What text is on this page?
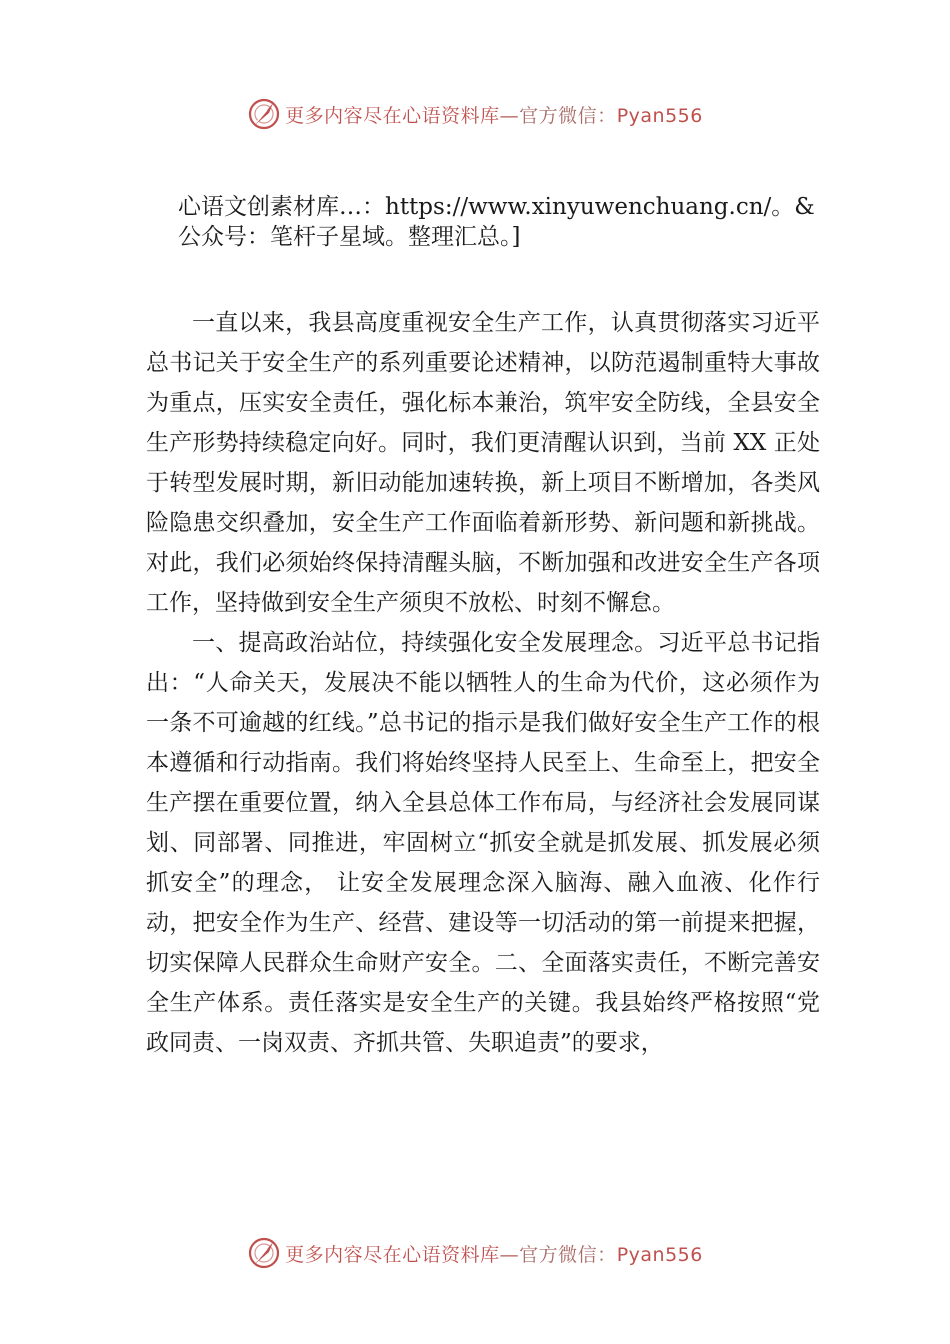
更多内容尽在心语资料库—官方微信：Pyan556
心语文创素材库…：https://www.xinyuwenchuang.cn/。&
公众号：笔杆子星域。整理汇总。]

一直以来，我县高度重视安全生产工作，认真贯彻落实习近平总书记关于安全生产的系列重要论述精神，以防范遏制重特大事故为重点，压实安全责任，强化标本兼治，筑牢安全防线，全县安全生产形势持续稳定向好。同时，我们更清醒认识到，当前 XX 正处于转型发展时期，新旧动能加速转换，新上项目不断增加，各类风险隐患交织叠加，安全生产工作面临着新形势、新问题和新挑战。对此，我们必须始终保持清醒头脑，不断加强和改进安全生产各项工作，坚持做到安全生产须臾不放松、时刻不懈怠。

一、提高政治站位，持续强化安全发展理念。习近平总书记指出：“人命关天，发展决不能以牺牲人的生命为代价，这必须作为一条不可逾越的红线。”总书记的指示是我们做好安全生产工作的根本遵循和行动指南。我们将始终坚持人民至上、生命至上，把安全生产摆在重要位置，纳入全县总体工作布局，与经济社会发展同谋划、同部署、同推进，牢固树立“抓安全就是抓发展、抓发展必须抓安全”的理念， 让安全发展理念深入脑海、融入血液、化作行动，把安全作为生产、经营、建设等一切活动的第一前提来把握，切实保障人民群众生命财产安全。二、全面落实责任，不断完善安全生产体系。责任落实是安全生产的关键。我县始终严格按照“党政同责、一岗双责、齐抓共管、失职追责”的要求，

更多内容尽在心语资料库—官方微信：Pyan556
